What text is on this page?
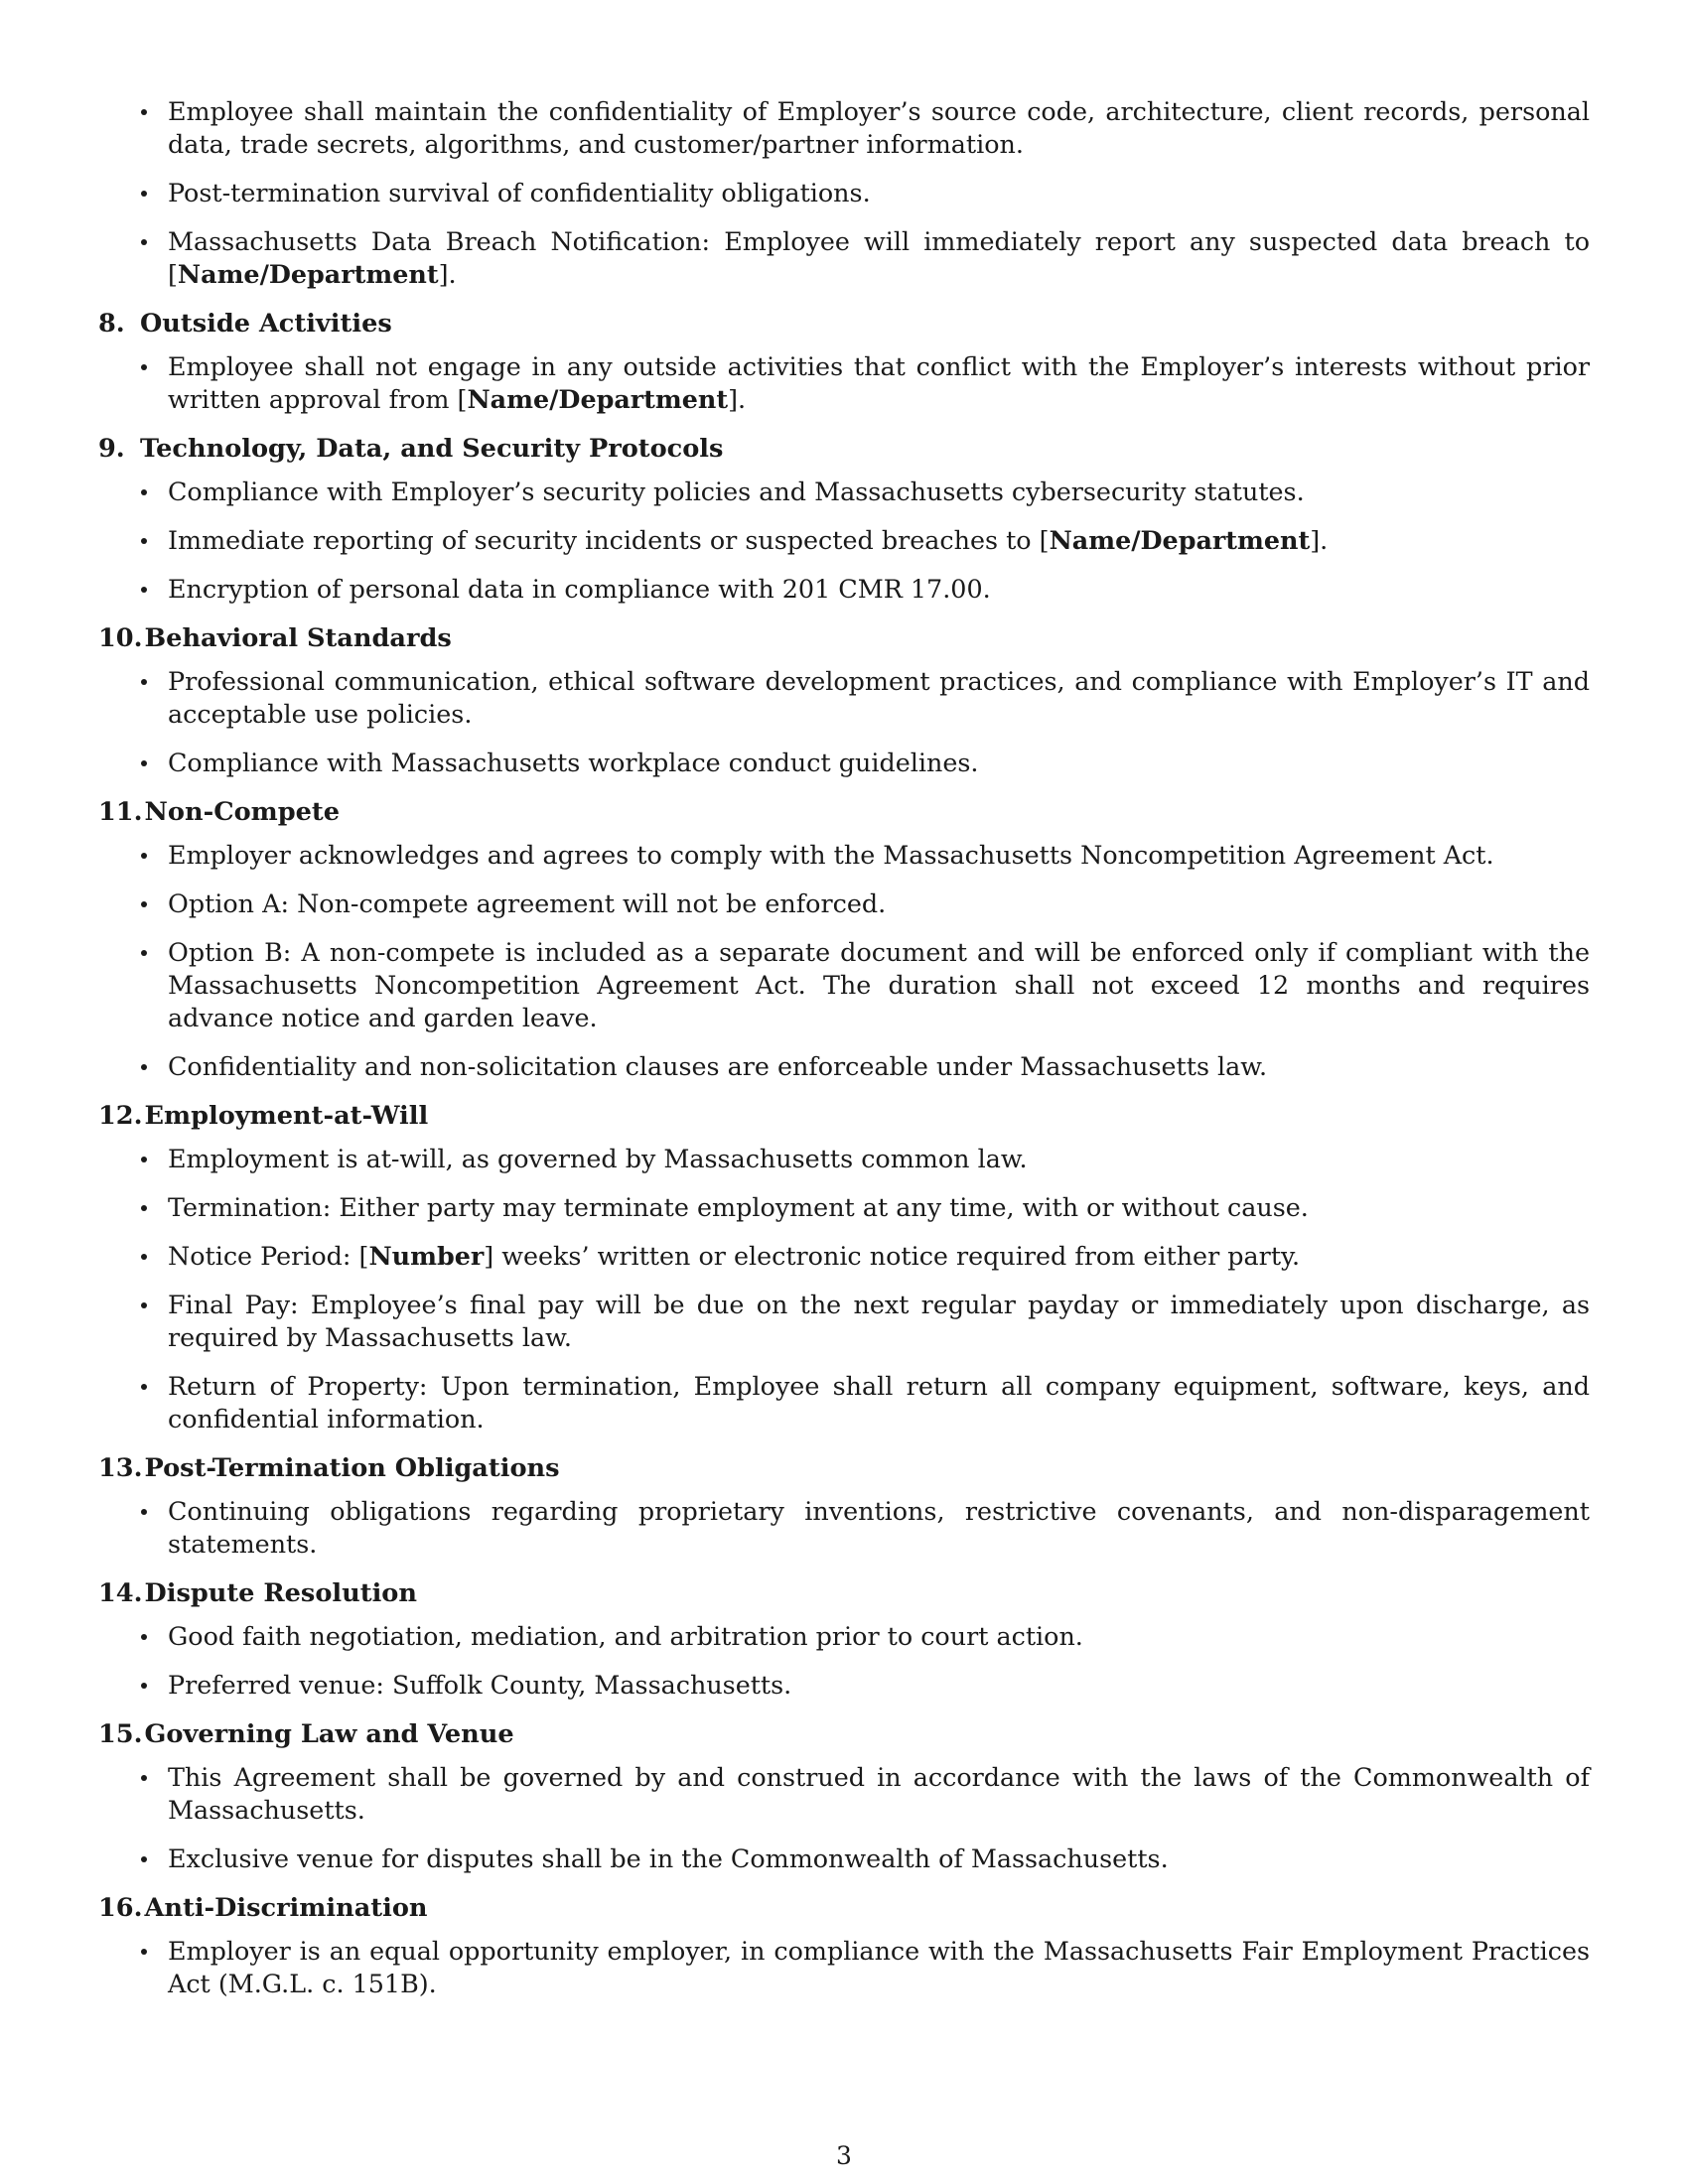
Employee shall maintain the confidentiality of Employer’s source code, architecture, client records, personal data, trade secrets, algorithms, and customer/partner information.
Post-termination survival of confidentiality obligations.
Massachusetts Data Breach Notification: Employee will immediately report any suspected data breach to [Name/Department].
8. Outside Activities
Employee shall not engage in any outside activities that conflict with the Employer’s interests without prior written approval from [Name/Department].
9. Technology, Data, and Security Protocols
Compliance with Employer’s security policies and Massachusetts cybersecurity statutes.
Immediate reporting of security incidents or suspected breaches to [Name/Department].
Encryption of personal data in compliance with 201 CMR 17.00.
10. Behavioral Standards
Professional communication, ethical software development practices, and compliance with Employer’s IT and acceptable use policies.
Compliance with Massachusetts workplace conduct guidelines.
11. Non-Compete
Employer acknowledges and agrees to comply with the Massachusetts Noncompetition Agreement Act.
Option A: Non-compete agreement will not be enforced.
Option B: A non-compete is included as a separate document and will be enforced only if compliant with the Massachusetts Noncompetition Agreement Act. The duration shall not exceed 12 months and requires advance notice and garden leave.
Confidentiality and non-solicitation clauses are enforceable under Massachusetts law.
12. Employment-at-Will
Employment is at-will, as governed by Massachusetts common law.
Termination: Either party may terminate employment at any time, with or without cause.
Notice Period: [Number] weeks’ written or electronic notice required from either party.
Final Pay: Employee’s final pay will be due on the next regular payday or immediately upon discharge, as required by Massachusetts law.
Return of Property: Upon termination, Employee shall return all company equipment, software, keys, and confidential information.
13. Post-Termination Obligations
Continuing obligations regarding proprietary inventions, restrictive covenants, and non-disparagement statements.
14. Dispute Resolution
Good faith negotiation, mediation, and arbitration prior to court action.
Preferred venue: Suffolk County, Massachusetts.
15. Governing Law and Venue
This Agreement shall be governed by and construed in accordance with the laws of the Commonwealth of Massachusetts.
Exclusive venue for disputes shall be in the Commonwealth of Massachusetts.
16. Anti-Discrimination
Employer is an equal opportunity employer, in compliance with the Massachusetts Fair Employment Practices Act (M.G.L. c. 151B).
3
